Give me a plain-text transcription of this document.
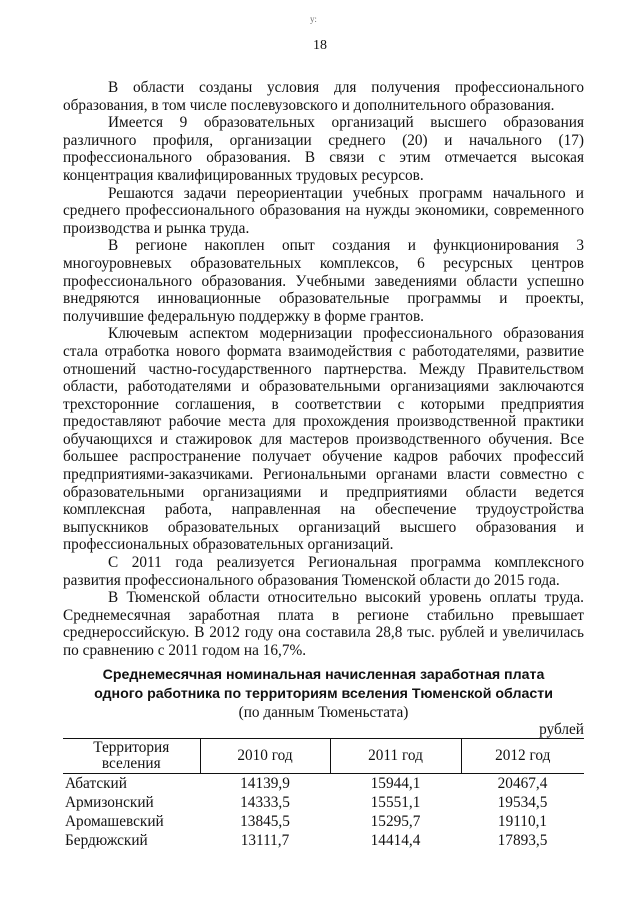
у:
18

В области созданы условия для получения профессионального образования, в том числе послевузовского и дополнительного образования.

Имеется 9 образовательных организаций высшего образования различного профиля, организации среднего (20) и начального (17) профессионального образования. В связи с этим отмечается высокая концентрация квалифицированных трудовых ресурсов.

Решаются задачи переориентации учебных программ начального и среднего профессионального образования на нужды экономики, современного производства и рынка труда.

В регионе накоплен опыт создания и функционирования 3 многоуровневых образовательных комплексов, 6 ресурсных центров профессионального образования. Учебными заведениями области успешно внедряются инновационные образовательные программы и проекты, получившие федеральную поддержку в форме грантов.

Ключевым аспектом модернизации профессионального образования стала отработка нового формата взаимодействия с работодателями, развитие отношений частно-государственного партнерства. Между Правительством области, работодателями и образовательными организациями заключаются трехсторонние соглашения, в соответствии с которыми предприятия предоставляют рабочие места для прохождения производственной практики обучающихся и стажировок для мастеров производственного обучения. Все большее распространение получает обучение кадров рабочих профессий предприятиями-заказчиками. Региональными органами власти совместно с образовательными организациями и предприятиями области ведется комплексная работа, направленная на обеспечение трудоустройства выпускников образовательных организаций высшего образования и профессиональных образовательных организаций.

С 2011 года реализуется Региональная программа комплексного развития профессионального образования Тюменской области до 2015 года.

В Тюменской области относительно высокий уровень оплаты труда. Среднемесячная заработная плата в регионе стабильно превышает среднероссийскую. В 2012 году она составила 28,8 тыс. рублей и увеличилась по сравнению с 2011 годом на 16,7%.

Среднемесячная номинальная начисленная заработная плата
одного работника по территориям вселения Тюменской области
(по данным Тюменьстата)
рублей
Территория вселения	2010 год	2011 год	2012 год
Абатский	14139,9	15944,1	20467,4
Армизонский	14333,5	15551,1	19534,5
Аромашевский	13845,5	15295,7	19110,1
Бердюжский	13111,7	14414,4	17893,5
